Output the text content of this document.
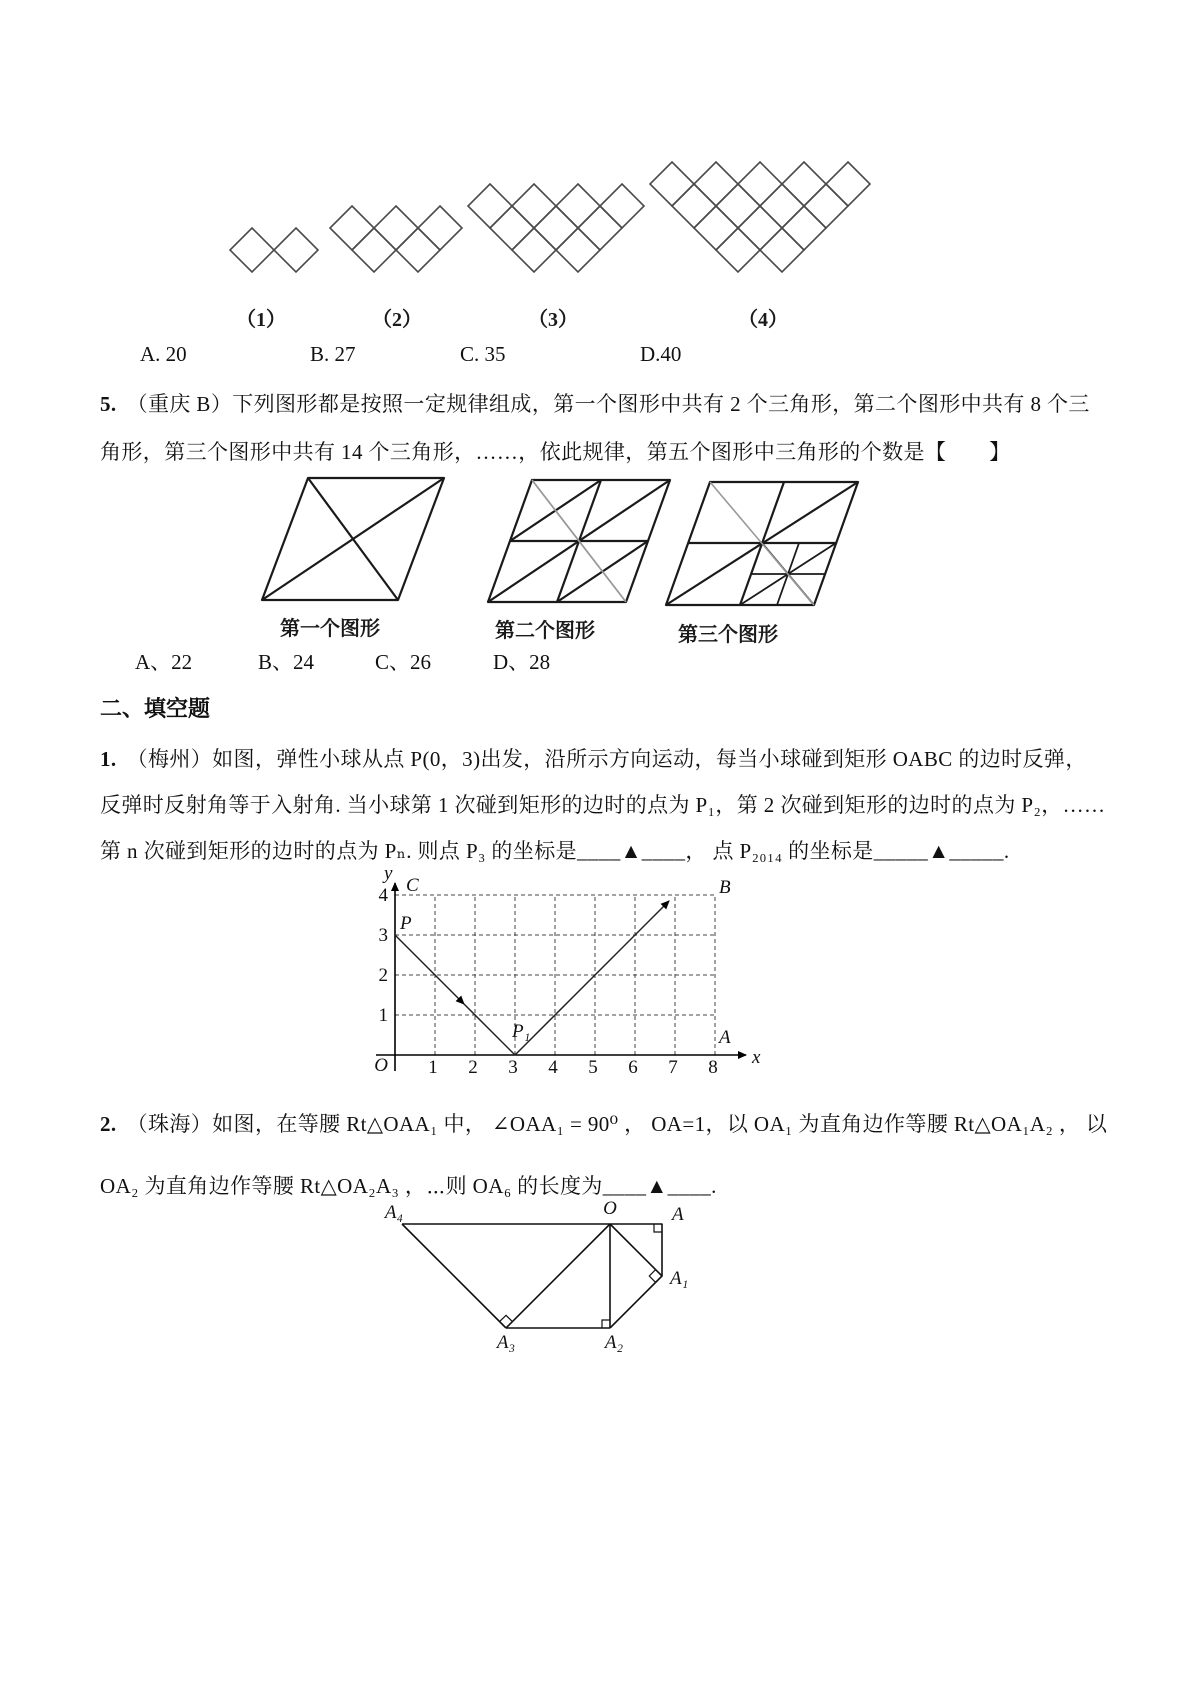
（1）	（2）	（3）	（4）
A. 20	B. 27	C. 35	D.40
5. （重庆 B）下列图形都是按照一定规律组成，第一个图形中共有 2 个三角形，第二个图形中共有 8 个三
角形，第三个图形中共有 14 个三角形，……，依此规律，第五个图形中三角形的个数是【　　】
第一个图形	第二个图形	第三个图形
A、22	B、24	C、26	D、28
二、填空题
1. （梅州）如图，弹性小球从点 P(0，3)出发，沿所示方向运动，每当小球碰到矩形 OABC 的边时反弹，
反弹时反射角等于入射角. 当小球第 1 次碰到矩形的边时的点为 P₁，第 2 次碰到矩形的边时的点为 P₂，……
第 n 次碰到矩形的边时的点为 Pₙ. 则点 P₃ 的坐标是____▲____， 点 P₂₀₁₄ 的坐标是_____▲_____.
y
x
O
C	B
A
P
P₁
4
3
2
1
1 2 3 4 5 6 7 8
2. （珠海）如图，在等腰 Rt△OAA₁ 中， ∠OAA₁ = 90⁰ ， OA=1，以 OA₁ 为直角边作等腰 Rt△OA₁A₂ ， 以
OA₂ 为直角边作等腰 Rt△OA₂A₃ ，⋯则 OA₆ 的长度为____▲____.
O	A
A₁
A₂
A₃
A₄
